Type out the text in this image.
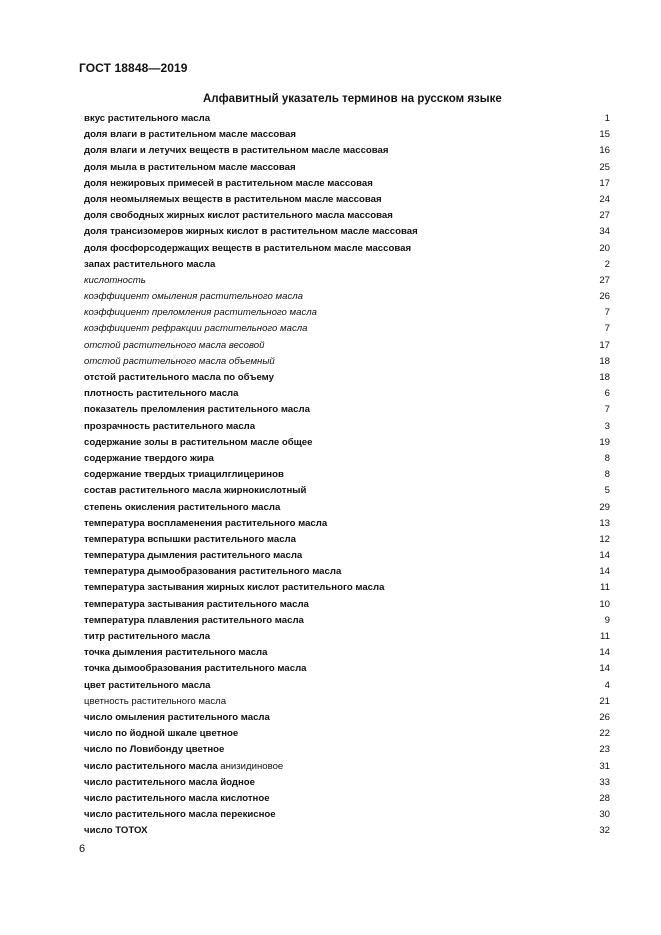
ГОСТ 18848—2019
Алфавитный указатель терминов на русском языке
вкус растительного масла	1
доля влаги в растительном масле массовая	15
доля влаги и летучих веществ в растительном масле массовая	16
доля мыла в растительном масле массовая	25
доля нежировых примесей в растительном масле массовая	17
доля неомыляемых веществ в растительном масле массовая	24
доля свободных жирных кислот растительного масла массовая	27
доля трансизомеров жирных кислот в растительном масле массовая	34
доля фосфорсодержащих веществ в растительном масле массовая	20
запах растительного масла	2
кислотность	27
коэффициент омыления растительного масла	26
коэффициент преломления растительного масла	7
коэффициент рефракции растительного масла	7
отстой растительного масла весовой	17
отстой растительного масла объемный	18
отстой растительного масла по объему	18
плотность растительного масла	6
показатель преломления растительного масла	7
прозрачность растительного масла	3
содержание золы в растительном масле общее	19
содержание твердого жира	8
содержание твердых триацилглицеринов	8
состав растительного масла жирнокислотный	5
степень окисления растительного масла	29
температура воспламенения растительного масла	13
температура вспышки растительного масла	12
температура дымления растительного масла	14
температура дымообразования растительного масла	14
температура застывания жирных кислот растительного масла	11
температура застывания растительного масла	10
температура плавления растительного масла	9
титр растительного масла	11
точка дымления растительного масла	14
точка дымообразования растительного масла	14
цвет растительного масла	4
цветность растительного масла	21
число омыления растительного масла	26
число по йодной шкале цветное	22
число по Ловибонду цветное	23
число растительного масла анизидиновое	31
число растительного масла йодное	33
число растительного масла кислотное	28
число растительного масла перекисное	30
число ТОТОХ	32
6
